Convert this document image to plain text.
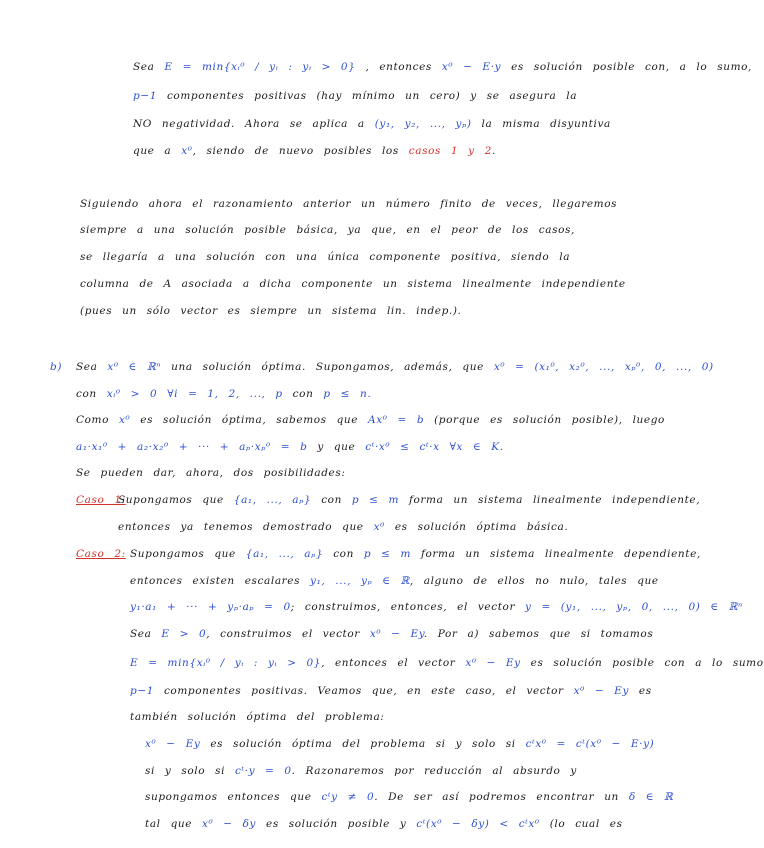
Sea E = min{xᵢ⁰ / yᵢ : yᵢ > 0} , entonces x⁰ − E·y es solución posible con, a lo sumo,
p−1 componentes positivas (hay mínimo un cero) y se asegura la
NO negatividad. Ahora se aplica a (y₁, y₂, ..., yₚ) la misma disyuntiva
que a x⁰, siendo de nuevo posibles los casos 1 y 2.
Siguiendo ahora el razonamiento anterior un número finito de veces, llegaremos
siempre a una solución posible básica, ya que, en el peor de los casos,
se llegaría a una solución con una única componente positiva, siendo la
columna de A asociada a dicha componente un sistema linealmente independiente
(pues un sólo vector es siempre un sistema lin. indep.).
b) Sea x⁰ ∈ ℝⁿ una solución óptima. Supongamos, además, que x⁰ = (x₁⁰, x₂⁰, ..., xₚ⁰, 0, ..., 0)
con xᵢ⁰ > 0 ∀i = 1, 2, ..., p con p ≤ n.
Como x⁰ es solución óptima, sabemos que Ax⁰ = b (porque es solución posible), luego
a₁·x₁⁰ + a₂·x₂⁰ + ··· + aₚ·xₚ⁰ = b y que cᵗ·x⁰ ≤ cᵗ·x ∀x ∈ K.
Se pueden dar, ahora, dos posibilidades:
Caso 1:
Supongamos que {a₁, ..., aₚ} con p ≤ m forma un sistema linealmente independiente,
entonces ya tenemos demostrado que x⁰ es solución óptima básica.
Caso 2: Supongamos que {a₁, ..., aₚ} con p ≤ m forma un sistema linealmente dependiente,
entonces existen escalares y₁, ..., yₚ ∈ ℝ, alguno de ellos no nulo, tales que
y₁·a₁ + ··· + yₚ·aₚ = 0; construimos, entonces, el vector y = (y₁, ..., yₚ, 0, ..., 0) ∈ ℝⁿ
Sea E > 0, construimos el vector x⁰ − Ey. Por a) sabemos que si tomamos
E = min{xᵢ⁰ / yᵢ : yᵢ > 0}, entonces el vector x⁰ − Ey es solución posible con a lo sumo
p−1 componentes positivas. Veamos que, en este caso, el vector x⁰ − Ey es
también solución óptima del problema:
x⁰ − Ey es solución óptima del problema si y solo si cᵗx⁰ = cᵗ(x⁰ − E·y)
si y solo si cᵗ·y = 0. Razonaremos por reducción al absurdo y
supongamos entonces que cᵗy ≠ 0. De ser así podremos encontrar un δ ∈ ℝ
tal que x⁰ − δy es solución posible y cᵗ(x⁰ − δy) < cᵗx⁰ (lo cual es
